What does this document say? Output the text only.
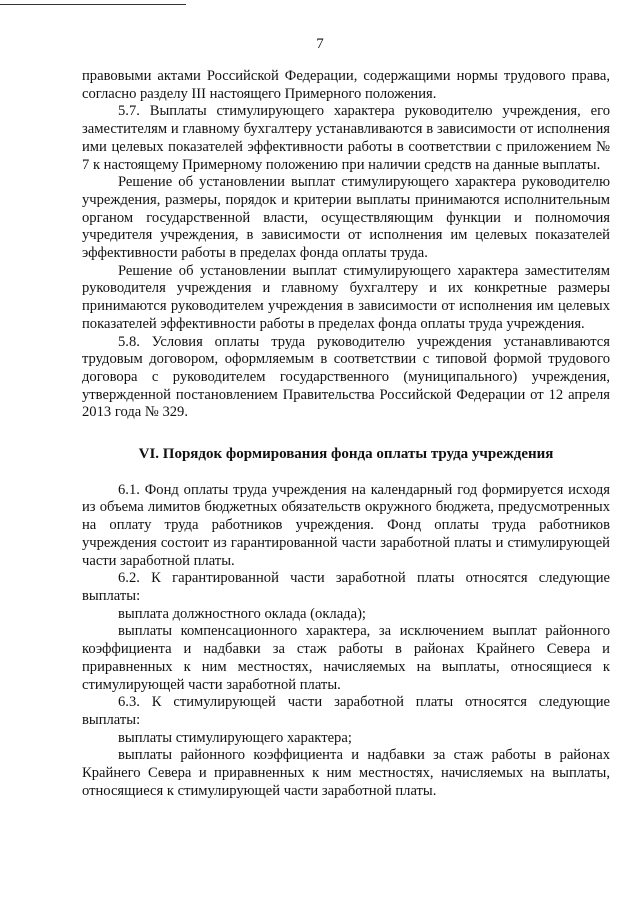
7

правовыми актами Российской Федерации, содержащими нормы трудового права, согласно разделу III настоящего Примерного положения.

5.7. Выплаты стимулирующего характера руководителю учреждения, его заместителям и главному бухгалтеру устанавливаются в зависимости от исполнения ими целевых показателей эффективности работы в соответствии с приложением № 7 к настоящему Примерному положению при наличии средств на данные выплаты.

Решение об установлении выплат стимулирующего характера руководителю учреждения, размеры, порядок и критерии выплаты принимаются исполнительным органом государственной власти, осуществляющим функции и полномочия учредителя учреждения, в зависимости от исполнения им целевых показателей эффективности работы в пределах фонда оплаты труда.

Решение об установлении выплат стимулирующего характера заместителям руководителя учреждения и главному бухгалтеру и их конкретные размеры принимаются руководителем учреждения в зависимости от исполнения им целевых показателей эффективности работы в пределах фонда оплаты труда учреждения.

5.8. Условия оплаты труда руководителю учреждения устанавливаются трудовым договором, оформляемым в соответствии с типовой формой трудового договора с руководителем государственного (муниципального) учреждения, утвержденной постановлением Правительства Российской Федерации от 12 апреля 2013 года № 329.

VI. Порядок формирования фонда оплаты труда учреждения

6.1. Фонд оплаты труда учреждения на календарный год формируется исходя из объема лимитов бюджетных обязательств окружного бюджета, предусмотренных на оплату труда работников учреждения. Фонд оплаты труда работников учреждения состоит из гарантированной части заработной платы и стимулирующей части заработной платы.

6.2. К гарантированной части заработной платы относятся следующие выплаты:

выплата должностного оклада (оклада);

выплаты компенсационного характера, за исключением выплат районного коэффициента и надбавки за стаж работы в районах Крайнего Севера и приравненных к ним местностях, начисляемых на выплаты, относящиеся к стимулирующей части заработной платы.

6.3. К стимулирующей части заработной платы относятся следующие выплаты:

выплаты стимулирующего характера;

выплаты районного коэффициента и надбавки за стаж работы в районах Крайнего Севера и приравненных к ним местностях, начисляемых на выплаты, относящиеся к стимулирующей части заработной платы.
